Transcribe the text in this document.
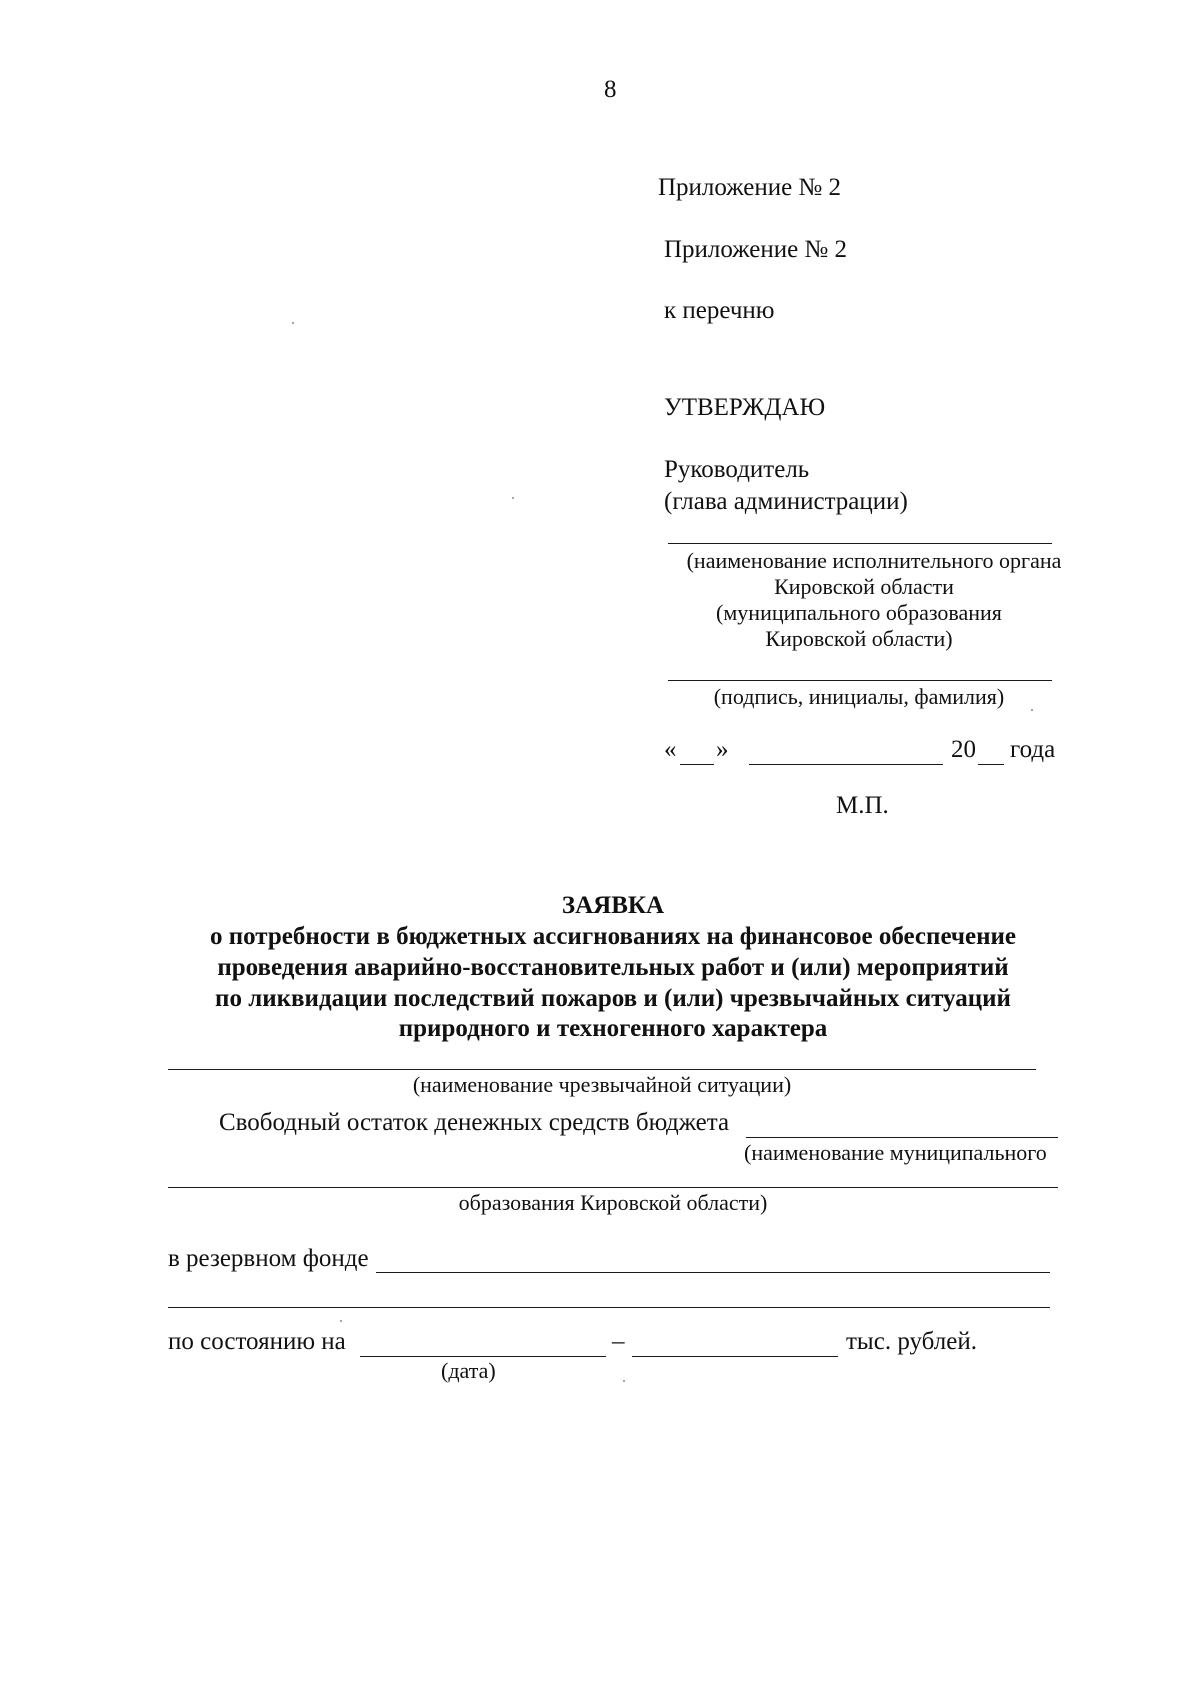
8
Приложение № 2
Приложение № 2
к перечню
УТВЕРЖДАЮ
Руководитель
(глава администрации)
(наименование исполнительного органа
Кировской области
(муниципального образования
Кировской области)
(подпись, инициалы, фамилия)
« »	20 года
М.П.
ЗАЯВКА
о потребности в бюджетных ассигнованиях на финансовое обеспечение
проведения аварийно-восстановительных работ и (или) мероприятий
по ликвидации последствий пожаров и (или) чрезвычайных ситуаций
природного и техногенного характера
(наименование чрезвычайной ситуации)
Свободный остаток денежных средств бюджета
(наименование муниципального
образования Кировской области)
в резервном фонде
по состоянию на	–	тыс. рублей.
(дата)
